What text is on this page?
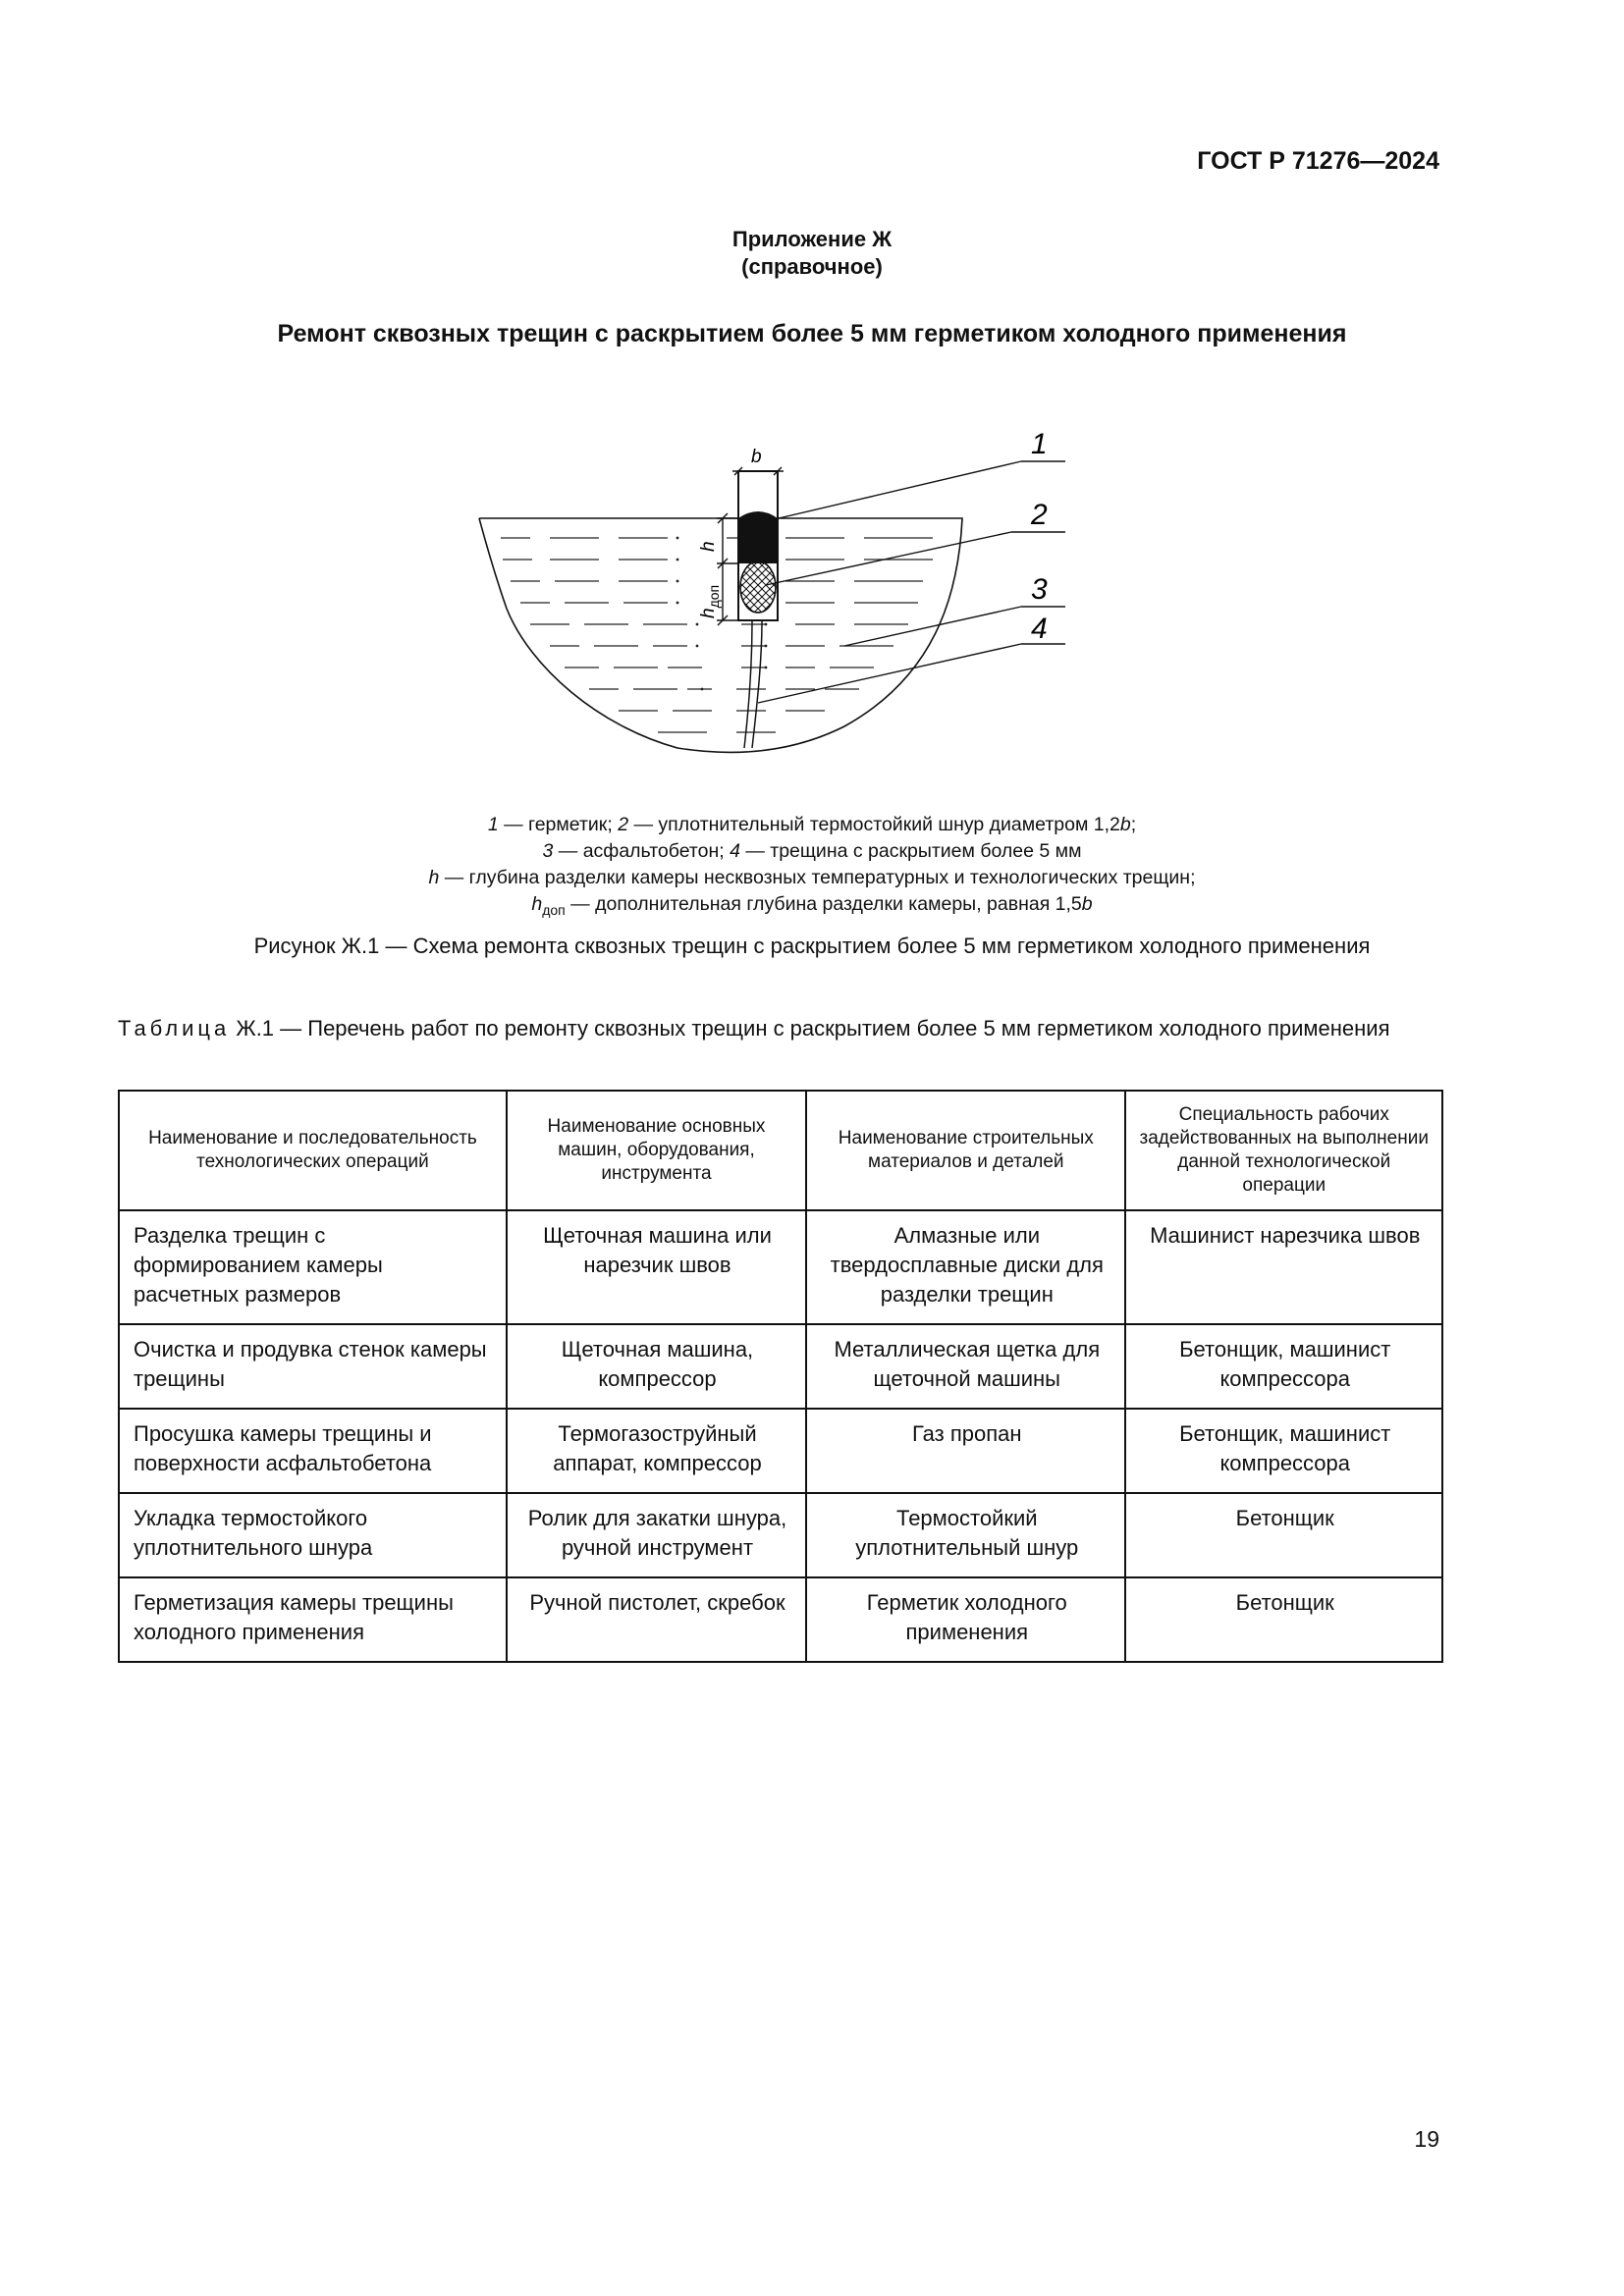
ГОСТ Р 71276—2024
Приложение Ж
(справочное)
Ремонт сквозных трещин с раскрытием более 5 мм герметиком холодного применения
b
h
$h_{доп}$
1
2
3
4
1 — герметик; 2 — уплотнительный термостойкий шнур диаметром 1,2b;
3 — асфальтобетон; 4 — трещина с раскрытием более 5 мм
h — глубина разделки камеры несквозных температурных и технологических трещин;
$h_{доп}$ — дополнительная глубина разделки камеры, равная 1,5b
Рисунок Ж.1 — Схема ремонта сквозных трещин с раскрытием более 5 мм герметиком холодного применения
Таблица Ж.1 — Перечень работ по ремонту сквозных трещин с раскрытием более 5 мм герметиком холодного применения
Наименование и последовательность технологических операций	Наименование основных машин, оборудования, инструмента	Наименование строительных материалов и деталей	Специальность рабочих задействованных на выполнении данной технологической операции
Разделка трещин с формированием камеры расчетных размеров	Щеточная машина или нарезчик швов	Алмазные или твердосплавные диски для разделки трещин	Машинист нарезчика швов
Очистка и продувка стенок камеры трещины	Щеточная машина, компрессор	Металлическая щетка для щеточной машины	Бетонщик, машинист компрессора
Просушка камеры трещины и поверхности асфальтобетона	Термогазоструйный аппарат, компрессор	Газ пропан	Бетонщик, машинист компрессора
Укладка термостойкого уплотнительного шнура	Ролик для закатки шнура, ручной инструмент	Термостойкий уплотнительный шнур	Бетонщик
Герметизация камеры трещины холодного применения	Ручной пистолет, скребок	Герметик холодного применения	Бетонщик
19
